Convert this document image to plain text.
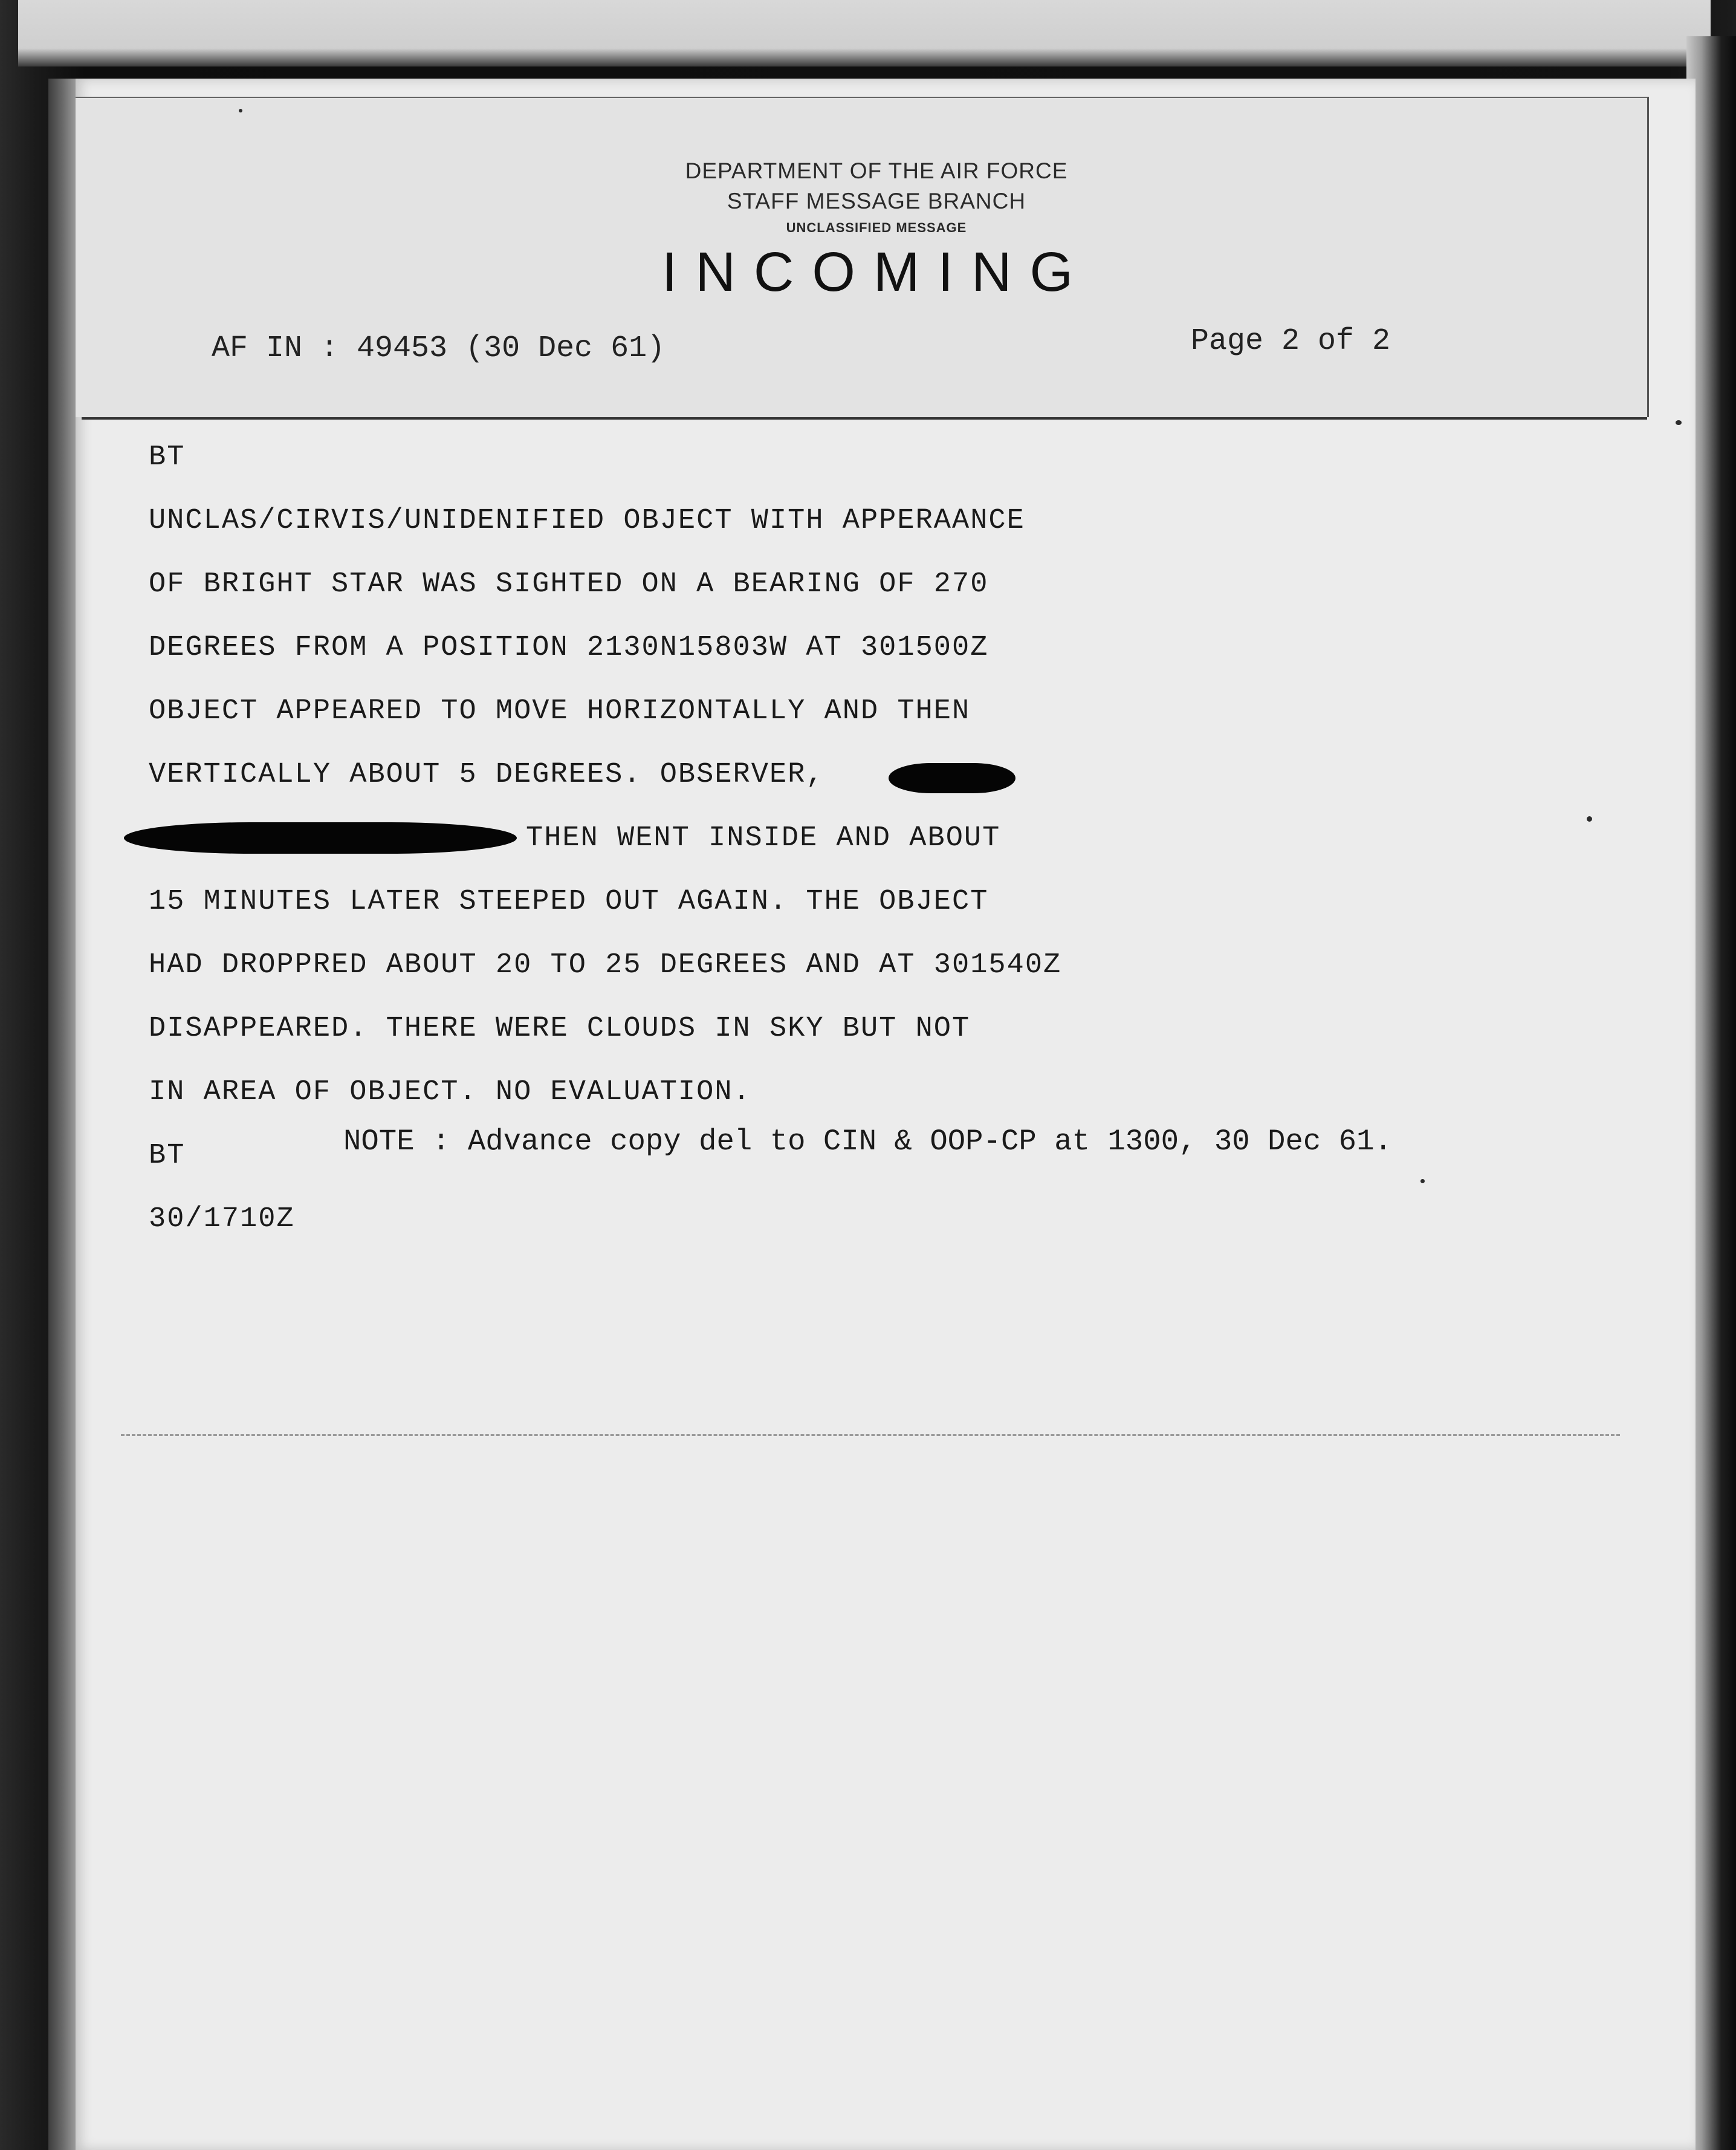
DEPARTMENT OF THE AIR FORCE
STAFF MESSAGE BRANCH
UNCLASSIFIED MESSAGE
INCOMING
AF IN : 49453 (30 Dec 61)	Page 2 of 2
BT
UNCLAS/CIRVIS/UNIDENIFIED OBJECT WITH APPERAANCE
OF BRIGHT STAR WAS SIGHTED ON A BEARING OF 270
DEGREES FROM A POSITION 2130N15803W AT 301500Z
OBJECT APPEARED TO MOVE HORIZONTALLY AND THEN
VERTICALLY ABOUT 5 DEGREES. OBSERVER,
THEN WENT INSIDE AND ABOUT
15 MINUTES LATER STEEPED OUT AGAIN. THE OBJECT
HAD DROPPRED ABOUT 20 TO 25 DEGREES AND AT 301540Z
DISAPPEARED. THERE WERE CLOUDS IN SKY BUT NOT
IN AREA OF OBJECT. NO EVALUATION.
BT	NOTE : Advance copy del to CIN & OOP-CP at 1300, 30 Dec 61.
30/1710Z
